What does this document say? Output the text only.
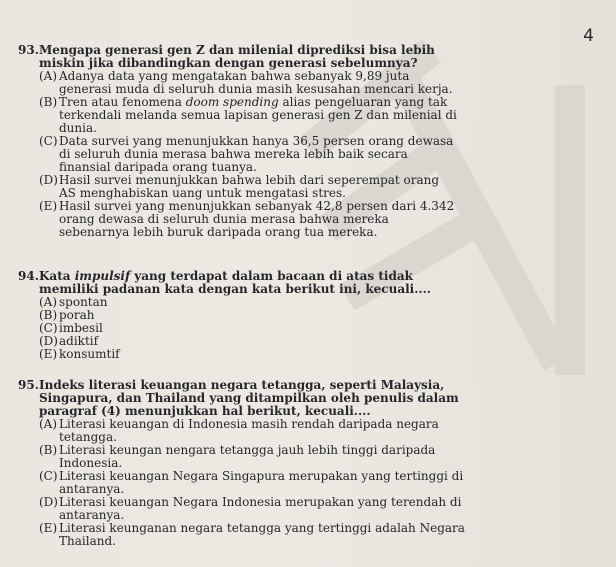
4
93. Mengapa generasi gen Z dan milenial diprediksi bisa lebih miskin jika dibandingkan dengan generasi sebelumnya?

(A) Adanya data yang mengatakan bahwa sebanyak 9,89 juta generasi muda di seluruh dunia masih kesusahan mencari kerja.

(B) Tren atau fenomena doom spending alias pengeluaran yang tak terkendali melanda semua lapisan generasi gen Z dan milenial di dunia.

(C) Data survei yang menunjukkan hanya 36,5 persen orang dewasa di seluruh dunia merasa bahwa mereka lebih baik secara finansial daripada orang tuanya.

(D) Hasil survei menunjukkan bahwa lebih dari seperempat orang AS menghabiskan uang untuk mengatasi stres.

(E) Hasil survei yang menunjukkan sebanyak 42,8 persen dari 4.342 orang dewasa di seluruh dunia merasa bahwa mereka sebenarnya lebih buruk daripada orang tua mereka.

94. Kata impulsif yang terdapat dalam bacaan di atas tidak memiliki padanan kata dengan kata berikut ini, kecuali....

(A) spontan

(B) porah

(C) imbesil

(D) adiktif

(E) konsumtif

95. Indeks literasi keuangan negara tetangga, seperti Malaysia, Singapura, dan Thailand yang ditampilkan oleh penulis dalam paragraf (4) menunjukkan hal berikut, kecuali....

(A) Literasi keuangan di Indonesia masih rendah daripada negara tetangga.

(B) Literasi keungan nengara tetangga jauh lebih tinggi daripada Indonesia.

(C) Literasi keuangan Negara Singapura merupakan yang tertinggi di antaranya.

(D) Literasi keuangan Negara Indonesia merupakan yang terendah di antaranya.

(E) Literasi keunganan negara tetangga yang tertinggi adalah Negara Thailand.
